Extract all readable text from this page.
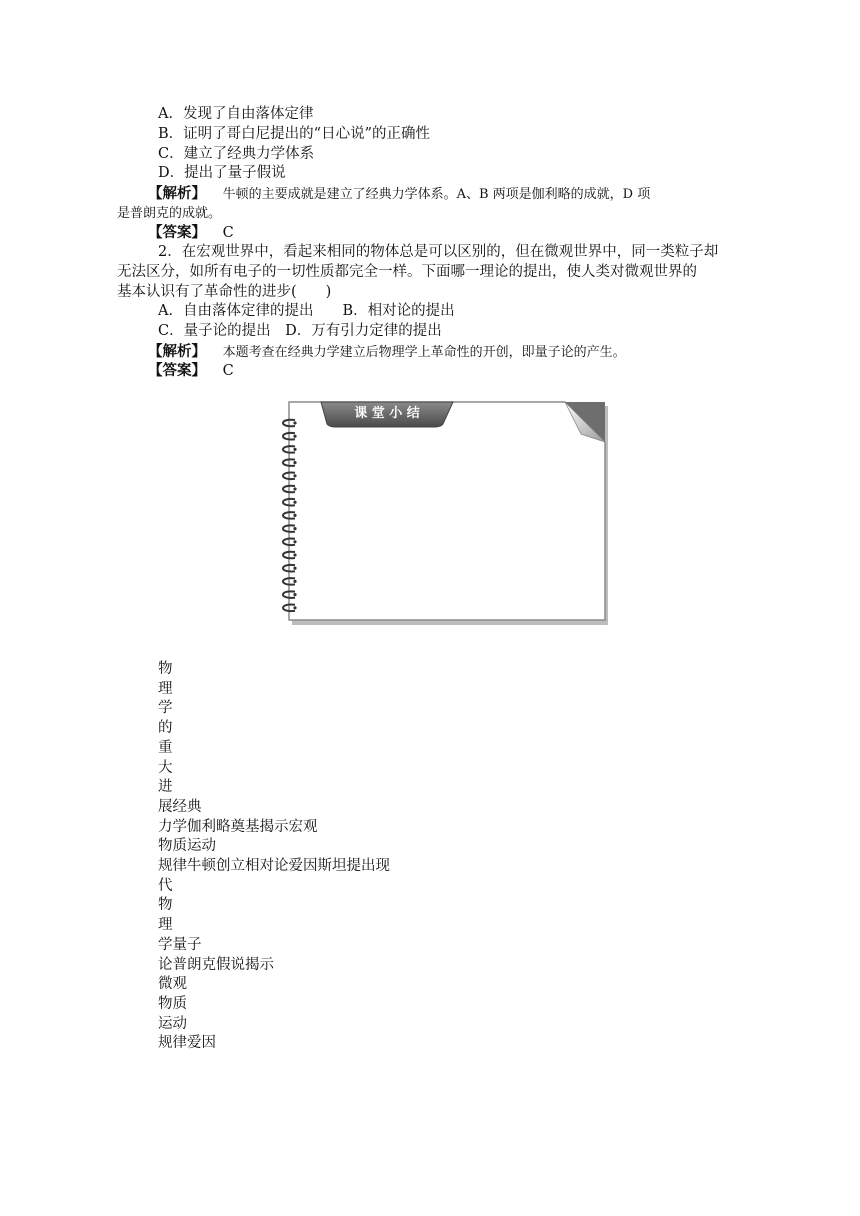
A．发现了自由落体定律
B．证明了哥白尼提出的“日心说”的正确性
C．建立了经典力学体系
D．提出了量子假说
【解析】 牛顿的主要成就是建立了经典力学体系。A、B 两项是伽利略的成就，D 项
是普朗克的成就。
【答案】 C
2．在宏观世界中，看起来相同的物体总是可以区别的，但在微观世界中，同一类粒子却
无法区分，如所有电子的一切性质都完全一样。下面哪一理论的提出，使人类对微观世界的
基本认识有了革命性的进步(　　)
A．自由落体定律的提出　　B．相对论的提出
C．量子论的提出　D．万有引力定律的提出
【解析】 本题考查在经典力学建立后物理学上革命性的开创，即量子论的产生。
【答案】 C
课 堂 小 结
物
理
学
的
重
大
进
展经典
力学伽利略奠基揭示宏观
物质运动
规律牛顿创立相对论爱因斯坦提出现
代
物
理
学量子
论普朗克假说揭示
微观
物质
运动
规律爱因
